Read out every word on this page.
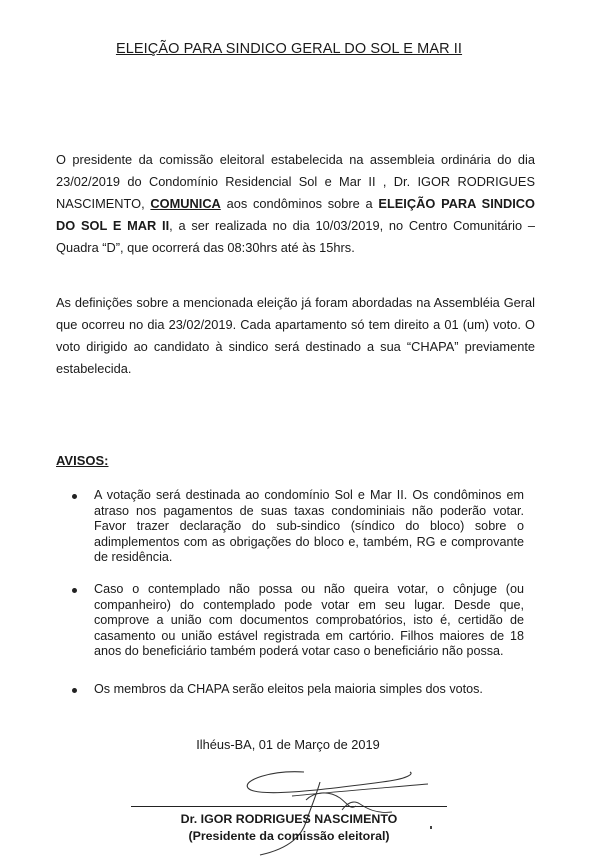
ELEIÇÃO PARA SINDICO GERAL DO SOL E MAR II
O presidente da comissão eleitoral estabelecida na assembleia ordinária do dia 23/02/2019 do Condomínio Residencial Sol e Mar II , Dr. IGOR RODRIGUES NASCIMENTO, COMUNICA aos condôminos sobre a ELEIÇÃO PARA SINDICO DO SOL E MAR II, a ser realizada no dia 10/03/2019, no Centro Comunitário – Quadra “D”, que ocorrerá das 08:30hrs até às 15hrs.
As definições sobre a mencionada eleição já foram abordadas na Assembléia Geral que ocorreu no dia 23/02/2019. Cada apartamento só tem direito a 01 (um) voto. O voto dirigido ao candidato à sindico será destinado a sua “CHAPA” previamente estabelecida.
AVISOS:
A votação será destinada ao condomínio Sol e Mar II. Os condôminos em atraso nos pagamentos de suas taxas condominiais não poderão votar. Favor trazer declaração do sub-sindico (síndico do bloco) sobre o adimplementos com as obrigações do bloco e, também, RG e comprovante de residência.
Caso o contemplado não possa ou não queira votar, o cônjuge (ou companheiro) do contemplado pode votar em seu lugar. Desde que, comprove a união com documentos comprobatórios, isto é, certidão de casamento ou união estável registrada em cartório. Filhos maiores de 18 anos do beneficiário também poderá votar caso o beneficiário não possa.
Os membros da CHAPA serão eleitos pela maioria simples dos votos.
Ilhéus-BA, 01 de Março de 2019
Dr. IGOR RODRIGUES NASCIMENTO
(Presidente da comissão eleitoral)
